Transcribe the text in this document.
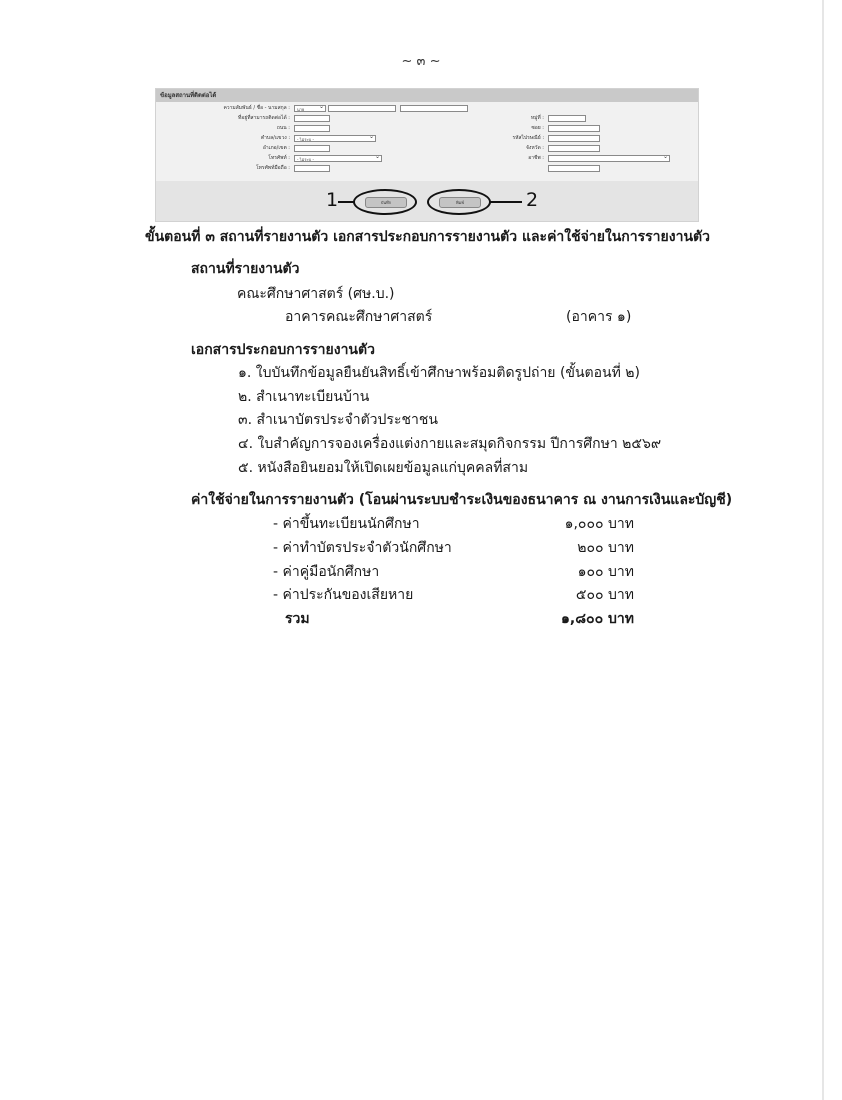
~ ๓ ~
ข้อมูลสถานที่ติดต่อได้
ความสัมพันธ์ / ชื่อ - นามสกุล :	นาย ⌄
ที่อยู่ที่สามารถติดต่อได้ :	หมู่ที่ :
ถนน :	ซอย :
ตำบล/แขวง :	- ไม่ระบุ - ⌄	รหัสไปรษณีย์ :
อำเภอ/เขต :	จังหวัด :
โทรศัพท์ :	- ไม่ระบุ - ⌄	อาชีพ :
⌄
โทรศัพท์มือถือ :
บันทึก	พิมพ์
1	2
ขั้นตอนที่ ๓ สถานที่รายงานตัว เอกสารประกอบการรายงานตัว และค่าใช้จ่ายในการรายงานตัว
สถานที่รายงานตัว
คณะศึกษาศาสตร์ (ศษ.บ.)
อาคารคณะศึกษาศาสตร์	(อาคาร ๑)
เอกสารประกอบการรายงานตัว
๑. ใบบันทึกข้อมูลยืนยันสิทธิ์เข้าศึกษาพร้อมติดรูปถ่าย (ขั้นตอนที่ ๒)
๒. สำเนาทะเบียนบ้าน
๓. สำเนาบัตรประจำตัวประชาชน
๔. ใบสำคัญการจองเครื่องแต่งกายและสมุดกิจกรรม ปีการศึกษา ๒๕๖๙
๕. หนังสือยินยอมให้เปิดเผยข้อมูลแก่บุคคลที่สาม
ค่าใช้จ่ายในการรายงานตัว (โอนผ่านระบบชำระเงินของธนาคาร ณ งานการเงินและบัญชี)
- ค่าขึ้นทะเบียนนักศึกษา	๑,๐๐๐ บาท
- ค่าทำบัตรประจำตัวนักศึกษา	๒๐๐ บาท
- ค่าคู่มือนักศึกษา	๑๐๐ บาท
- ค่าประกันของเสียหาย	๕๐๐ บาท
รวม	๑,๘๐๐ บาท
